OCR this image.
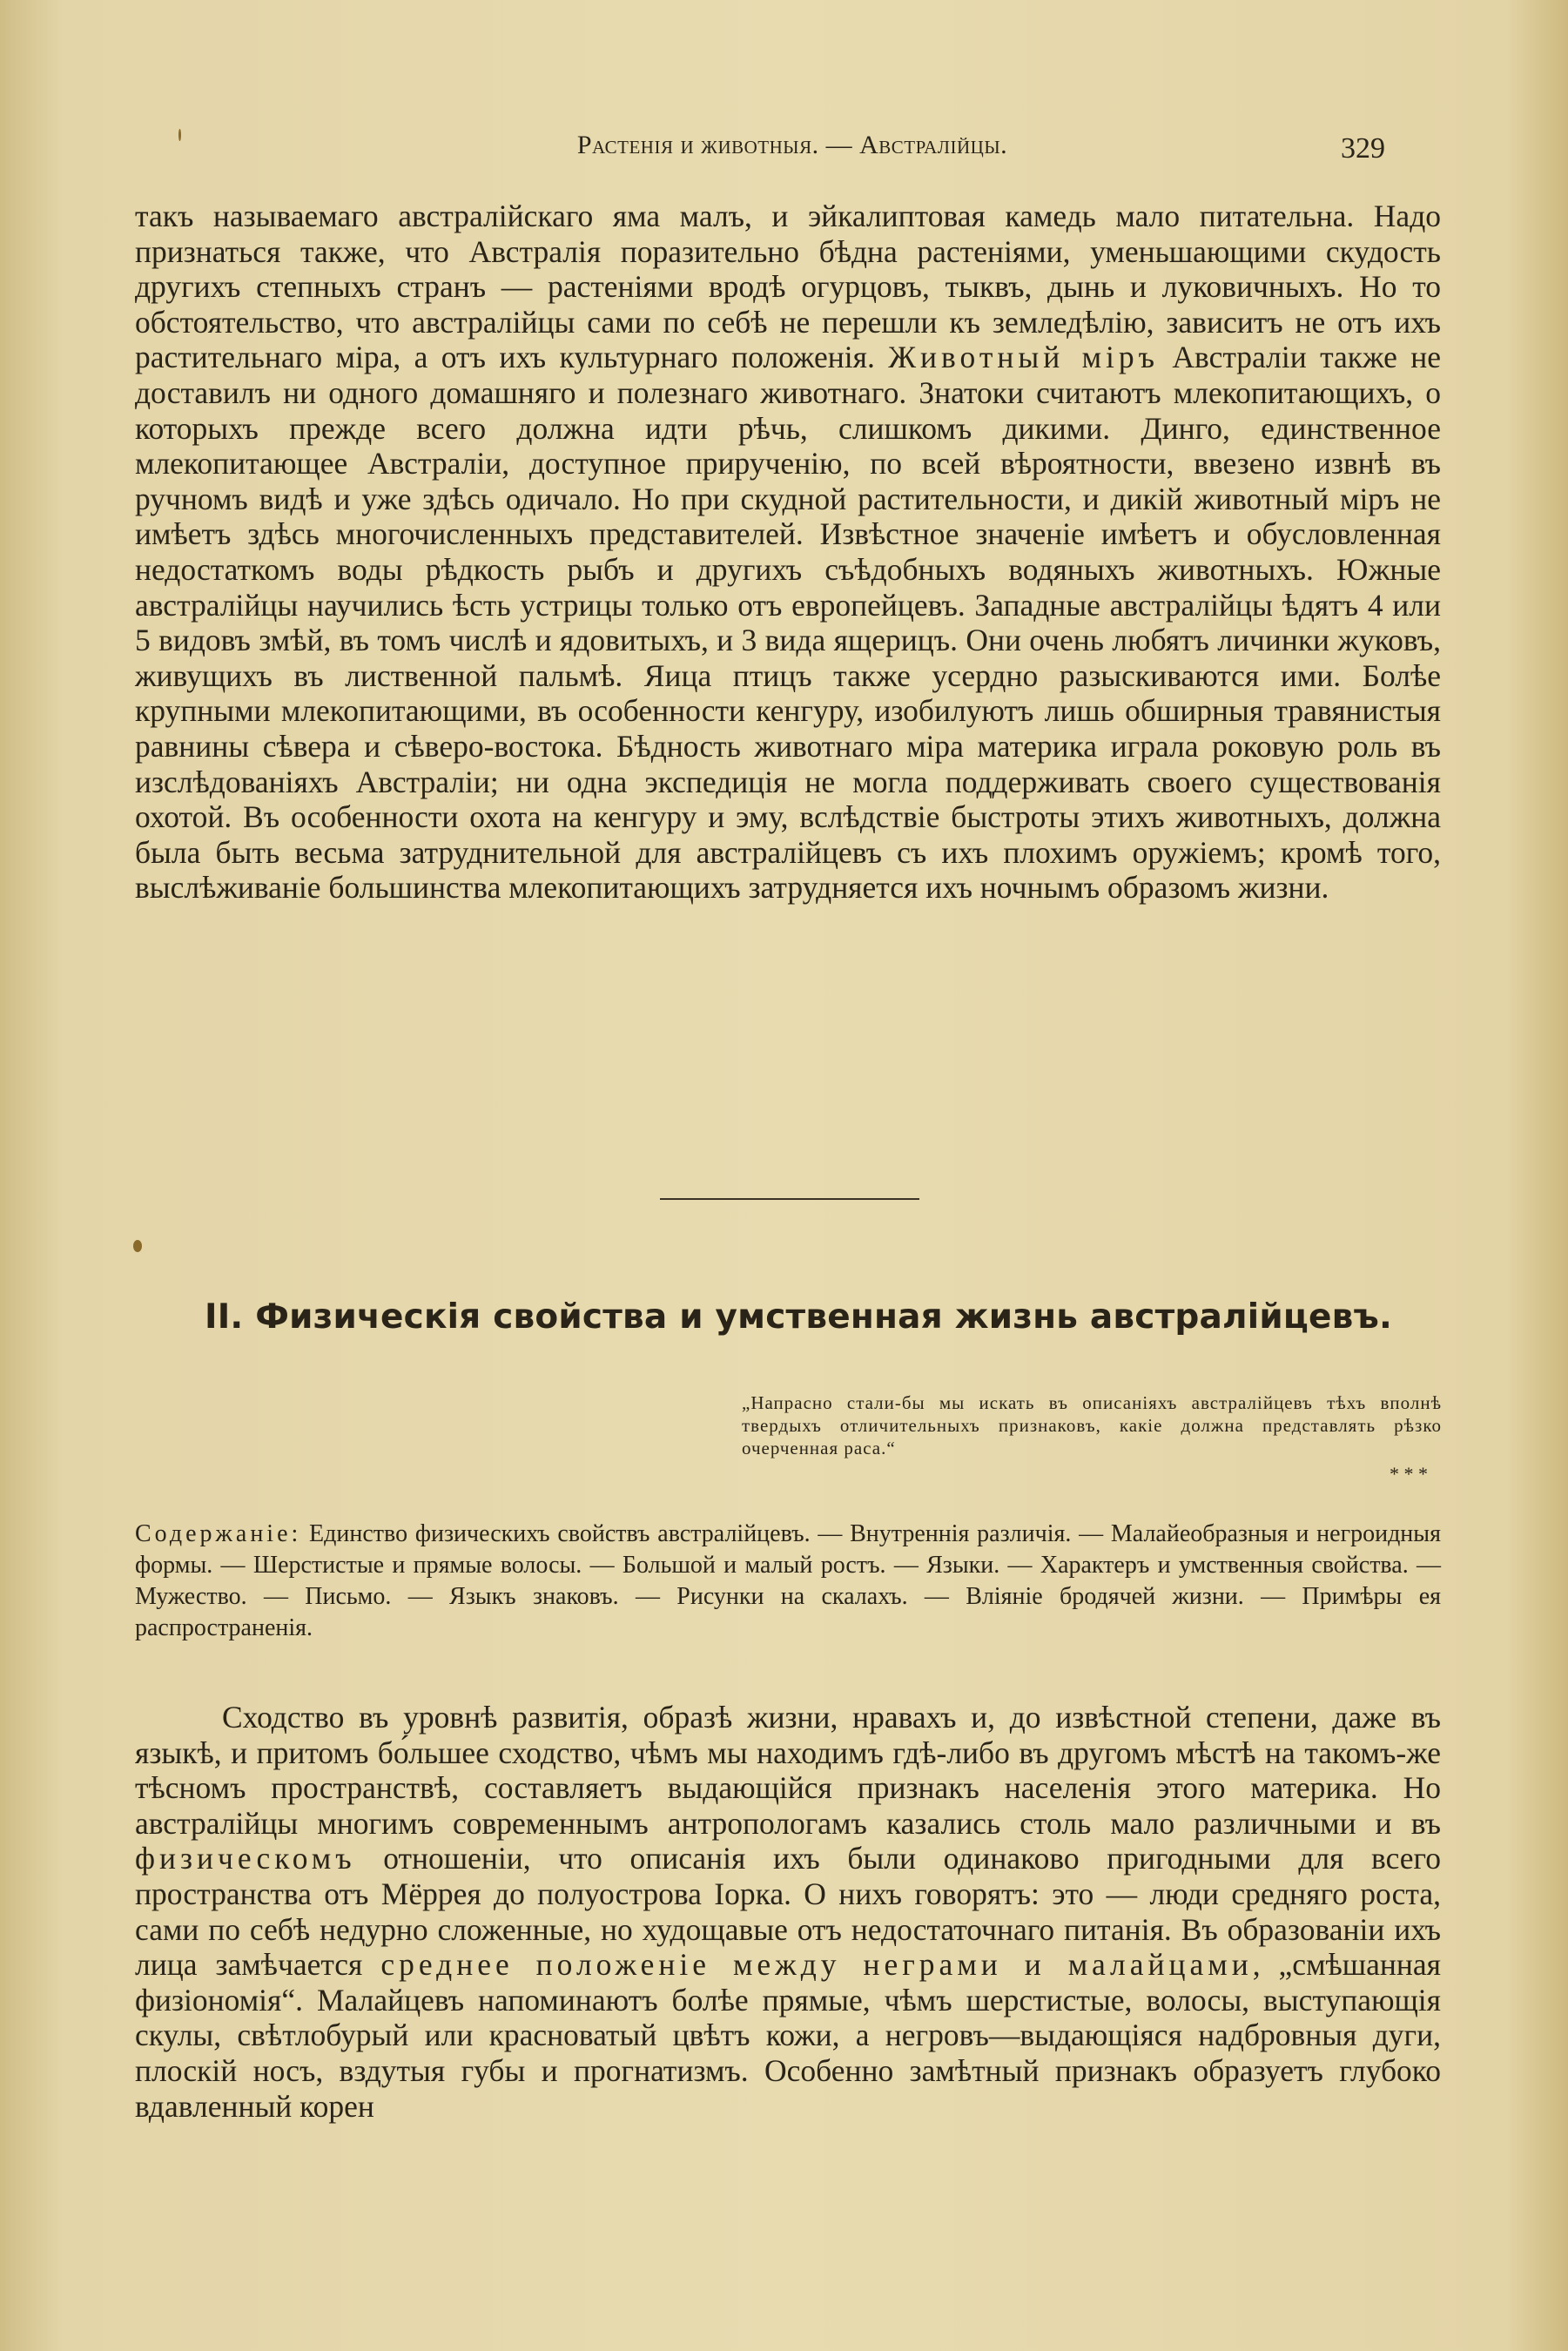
Растенія и животныя. — Австралійцы.	329

такъ называемаго австралійскаго яма малъ, и эйкалиптовая камедь мало питательна. Надо признаться также, что Австралія поразительно бѣдна растеніями, уменьшающими скудость другихъ степныхъ странъ — растеніями вродѣ огурцовъ, тыквъ, дынь и луковичныхъ. Но то обстоятельство, что австралійцы сами по себѣ не перешли къ земледѣлію, зависитъ не отъ ихъ растительнаго міра, а отъ ихъ культурнаго положенія. Животный міръ Австраліи также не доставилъ ни одного домашняго и полезнаго животнаго. Знатоки считаютъ млекопитающихъ, о которыхъ прежде всего должна идти рѣчь, слишкомъ дикими. Динго, единственное млекопитающее Австраліи, доступное прирученію, по всей вѣроятности, ввезено извнѣ въ ручномъ видѣ и уже здѣсь одичало. Но при скудной растительности, и дикій животный міръ не имѣетъ здѣсь многочисленныхъ представителей. Извѣстное значеніе имѣетъ и обусловленная недостаткомъ воды рѣдкость рыбъ и другихъ съѣдобныхъ водяныхъ животныхъ. Южные австралійцы научились ѣсть устрицы только отъ европейцевъ. Западные австралійцы ѣдятъ 4 или 5 видовъ змѣй, въ томъ числѣ и ядовитыхъ, и 3 вида ящерицъ. Они очень любятъ личинки жуковъ, живущихъ въ лиственной пальмѣ. Яица птицъ также усердно разыскиваются ими. Болѣе крупными млекопитающими, въ особенности кенгуру, изобилуютъ лишь обширныя травянистыя равнины сѣвера и сѣверо-востока. Бѣдность животнаго міра материка играла роковую роль въ изслѣдованіяхъ Австраліи; ни одна экспедиція не могла поддерживать своего существованія охотой. Въ особенности охота на кенгуру и эму, вслѣдствіе быстроты этихъ животныхъ, должна была быть весьма затруднительной для австралійцевъ съ ихъ плохимъ оружіемъ; кромѣ того, выслѣживаніе большинства млекопитающихъ затрудняется ихъ ночнымъ образомъ жизни.

II. Физическія свойства и умственная жизнь австралійцевъ.

„Напрасно стали-бы мы искать въ описаніяхъ австралійцевъ тѣхъ вполнѣ твердыхъ отличительныхъ признаковъ, какіе должна представлять рѣзко очерченная раса.“

* * *

Содержаніе: Единство физическихъ свойствъ австралійцевъ. — Внутреннія различія. — Малайеобразныя и негроидныя формы. — Шерстистые и прямые волосы. — Большой и малый ростъ. — Языки. — Характеръ и умственныя свойства. — Мужество. — Письмо. — Языкъ знаковъ. — Рисунки на скалахъ. — Вліяніе бродячей жизни. — Примѣры ея распространенія.

Сходство въ уровнѣ развитія, образѣ жизни, нравахъ и, до извѣстной степени, даже въ языкѣ, и притомъ бо́льшее сходство, чѣмъ мы находимъ гдѣ-либо въ другомъ мѣстѣ на такомъ-же тѣсномъ пространствѣ, составляетъ выдающійся признакъ населенія этого материка. Но австралійцы многимъ современнымъ антропологамъ казались столь мало различными и въ физическомъ отношеніи, что описанія ихъ были одинаково пригодными для всего пространства отъ Мёррея до полуострова Іорка. О нихъ говорятъ: это — люди средняго роста, сами по себѣ недурно сложенные, но худощавые отъ недостаточнаго питанія. Въ образованіи ихъ лица замѣчается среднее положеніе между неграми и малайцами, „смѣшанная физіономія“. Малайцевъ напоминаютъ болѣе прямые, чѣмъ шерстистые, волосы, выступающія скулы, свѣтлобурый или красноватый цвѣтъ кожи, а негровъ—выдающіяся надбровныя дуги, плоскій носъ, вздутыя губы и прогнатизмъ. Особенно замѣтный признакъ образуетъ глубоко вдавленный корен
